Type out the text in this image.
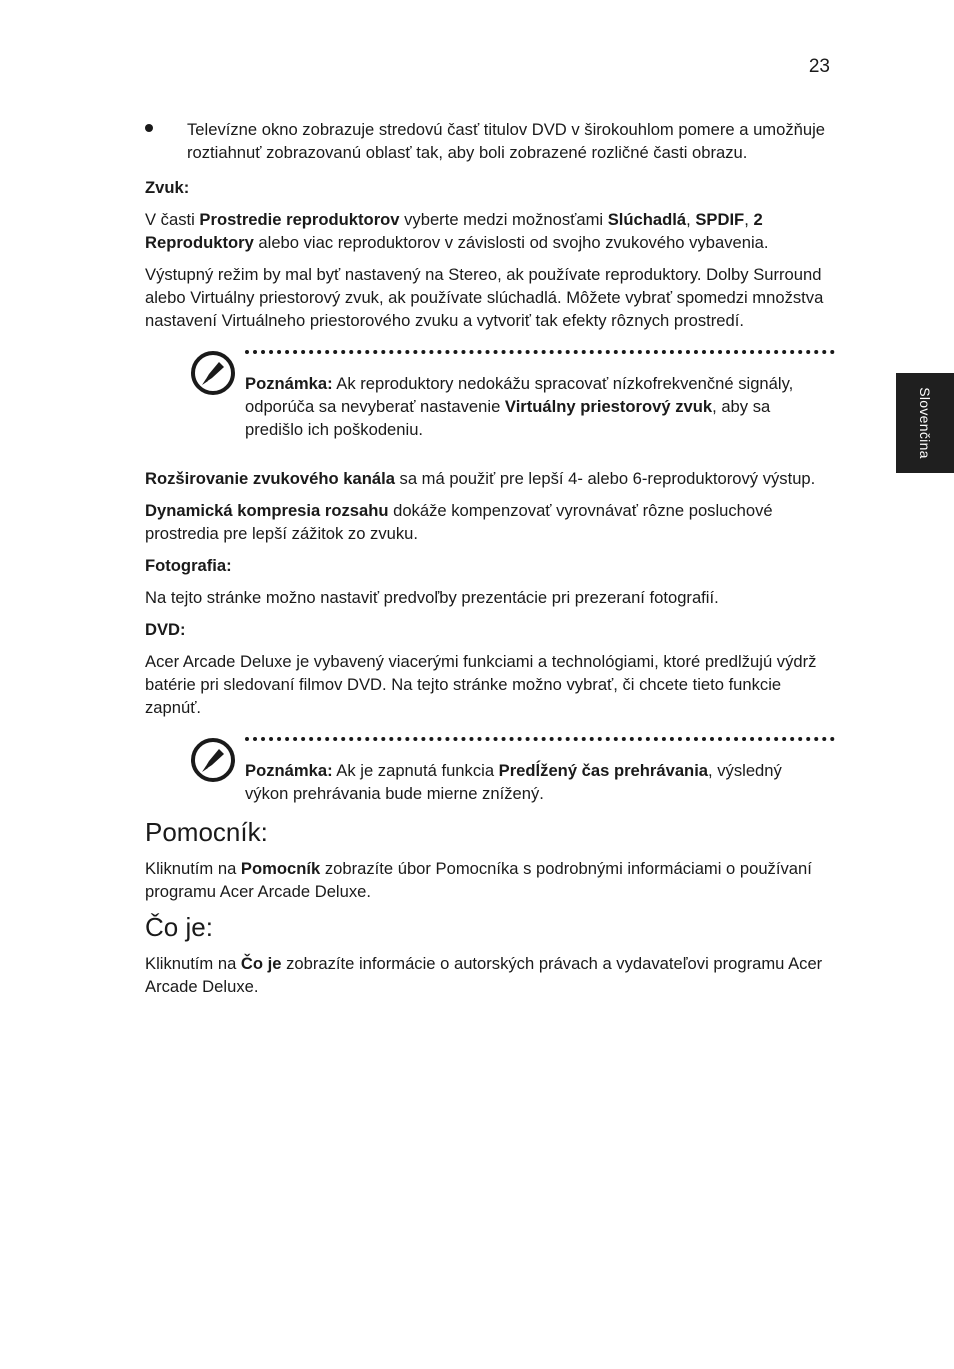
23
Slovenčina
Televízne okno zobrazuje stredovú časť titulov DVD v širokouhlom pomere a umožňuje roztiahnuť zobrazovanú oblasť tak, aby boli zobrazené rozličné časti obrazu.
Zvuk:

V časti Prostredie reproduktorov vyberte medzi možnosťami Slúchadlá, SPDIF, 2 Reproduktory alebo viac reproduktorov v závislosti od svojho zvukového vybavenia.

Výstupný režim by mal byť nastavený na Stereo, ak používate reproduktory. Dolby Surround alebo Virtuálny priestorový zvuk, ak používate slúchadlá. Môžete vybrať spomedzi množstva nastavení Virtuálneho priestorového zvuku a vytvoriť tak efekty rôznych prostredí.

Poznámka: Ak reproduktory nedokážu spracovať nízkofrekvenčné signály, odporúča sa nevyberať nastavenie Virtuálny priestorový zvuk, aby sa predišlo ich poškodeniu.

Rozširovanie zvukového kanála sa má použiť pre lepší 4- alebo 6-reproduktorový výstup.

Dynamická kompresia rozsahu dokáže kompenzovať vyrovnávať rôzne posluchové prostredia pre lepší zážitok zo zvuku.

Fotografia:

Na tejto stránke možno nastaviť predvoľby prezentácie pri prezeraní fotografií.

DVD:

Acer Arcade Deluxe je vybavený viacerými funkciami a technológiami, ktoré predlžujú výdrž batérie pri sledovaní filmov DVD. Na tejto stránke možno vybrať, či chcete tieto funkcie zapnúť.

Poznámka: Ak je zapnutá funkcia Predĺžený čas prehrávania, výsledný výkon prehrávania bude mierne znížený.
Pomocník:

Kliknutím na Pomocník zobrazíte úbor Pomocníka s podrobnými informáciami o používaní programu Acer Arcade Deluxe.

Čo je:

Kliknutím na Čo je zobrazíte informácie o autorských právach a vydavateľovi programu Acer Arcade Deluxe.
